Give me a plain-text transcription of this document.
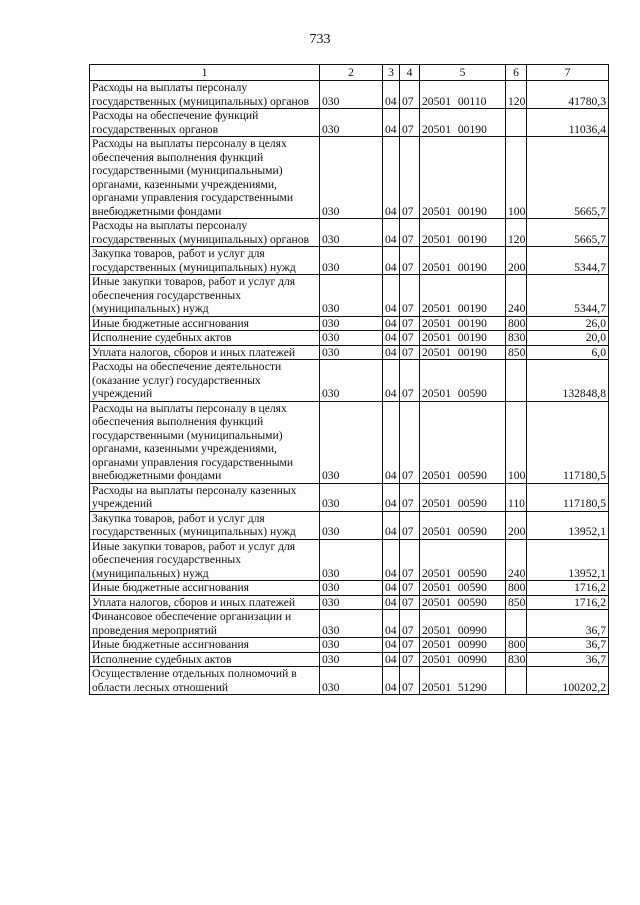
733
1	2	3	4	5	6	7
Расходы на выплаты персоналу государственных (муниципальных) органов	030	04	07	20501 00110	120	41780,3
Расходы на обеспечение функций государственных органов	030	04	07	20501 00190		11036,4
Расходы на выплаты персоналу в целях обеспечения выполнения функций государственными (муниципальными) органами, казенными учреждениями, органами управления государственными внебюджетными фондами	030	04	07	20501 00190	100	5665,7
Расходы на выплаты персоналу государственных (муниципальных) органов	030	04	07	20501 00190	120	5665,7
Закупка товаров, работ и услуг для государственных (муниципальных) нужд	030	04	07	20501 00190	200	5344,7
Иные закупки товаров, работ и услуг для обеспечения государственных (муниципальных) нужд	030	04	07	20501 00190	240	5344,7
Иные бюджетные ассигнования	030	04	07	20501 00190	800	26,0
Исполнение судебных актов	030	04	07	20501 00190	830	20,0
Уплата налогов, сборов и иных платежей	030	04	07	20501 00190	850	6,0
Расходы на обеспечение деятельности (оказание услуг) государственных учреждений	030	04	07	20501 00590		132848,8
Расходы на выплаты персоналу в целях обеспечения выполнения функций государственными (муниципальными) органами, казенными учреждениями, органами управления государственными внебюджетными фондами	030	04	07	20501 00590	100	117180,5
Расходы на выплаты персоналу казенных учреждений	030	04	07	20501 00590	110	117180,5
Закупка товаров, работ и услуг для государственных (муниципальных) нужд	030	04	07	20501 00590	200	13952,1
Иные закупки товаров, работ и услуг для обеспечения государственных (муниципальных) нужд	030	04	07	20501 00590	240	13952,1
Иные бюджетные ассигнования	030	04	07	20501 00590	800	1716,2
Уплата налогов, сборов и иных платежей	030	04	07	20501 00590	850	1716,2
Финансовое обеспечение организации и проведения мероприятий	030	04	07	20501 00990		36,7
Иные бюджетные ассигнования	030	04	07	20501 00990	800	36,7
Исполнение судебных актов	030	04	07	20501 00990	830	36,7
Осуществление отдельных полномочий в области лесных отношений	030	04	07	20501 51290		100202,2
